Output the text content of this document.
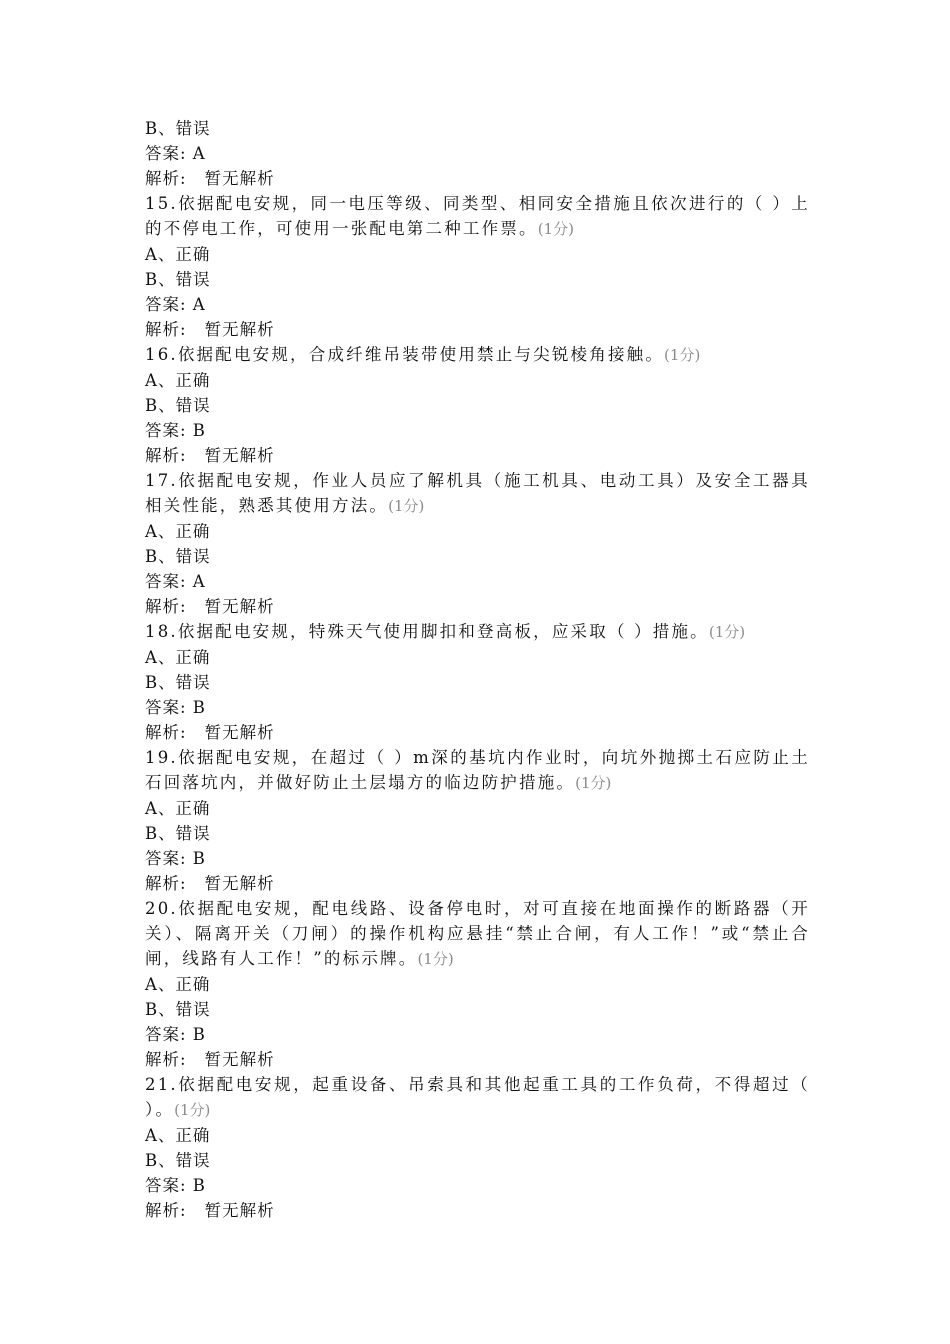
B、错误
答案: A
解析: 暂无解析
15.依据配电安规，同一电压等级、同类型、相同安全措施且依次进行的（ ）上的不停电工作，可使用一张配电第二种工作票。(1分)
A、正确
B、错误
答案: A
解析: 暂无解析
16.依据配电安规，合成纤维吊装带使用禁止与尖锐棱角接触。(1分)
A、正确
B、错误
答案: B
解析: 暂无解析
17.依据配电安规，作业人员应了解机具（施工机具、电动工具）及安全工器具相关性能，熟悉其使用方法。(1分)
A、正确
B、错误
答案: A
解析: 暂无解析
18.依据配电安规，特殊天气使用脚扣和登高板，应采取（ ）措施。(1分)
A、正确
B、错误
答案: B
解析: 暂无解析
19.依据配电安规，在超过（ ）m深的基坑内作业时，向坑外抛掷土石应防止土石回落坑内，并做好防止土层塌方的临边防护措施。(1分)
A、正确
B、错误
答案: B
解析: 暂无解析
20.依据配电安规，配电线路、设备停电时，对可直接在地面操作的断路器（开关）、隔离开关（刀闸）的操作机构应悬挂“禁止合闸，有人工作！”或“禁止合闸，线路有人工作！”的标示牌。(1分)
A、正确
B、错误
答案: B
解析: 暂无解析
21.依据配电安规，起重设备、吊索具和其他起重工具的工作负荷，不得超过（ ）。(1分)
A、正确
B、错误
答案: B
解析: 暂无解析
